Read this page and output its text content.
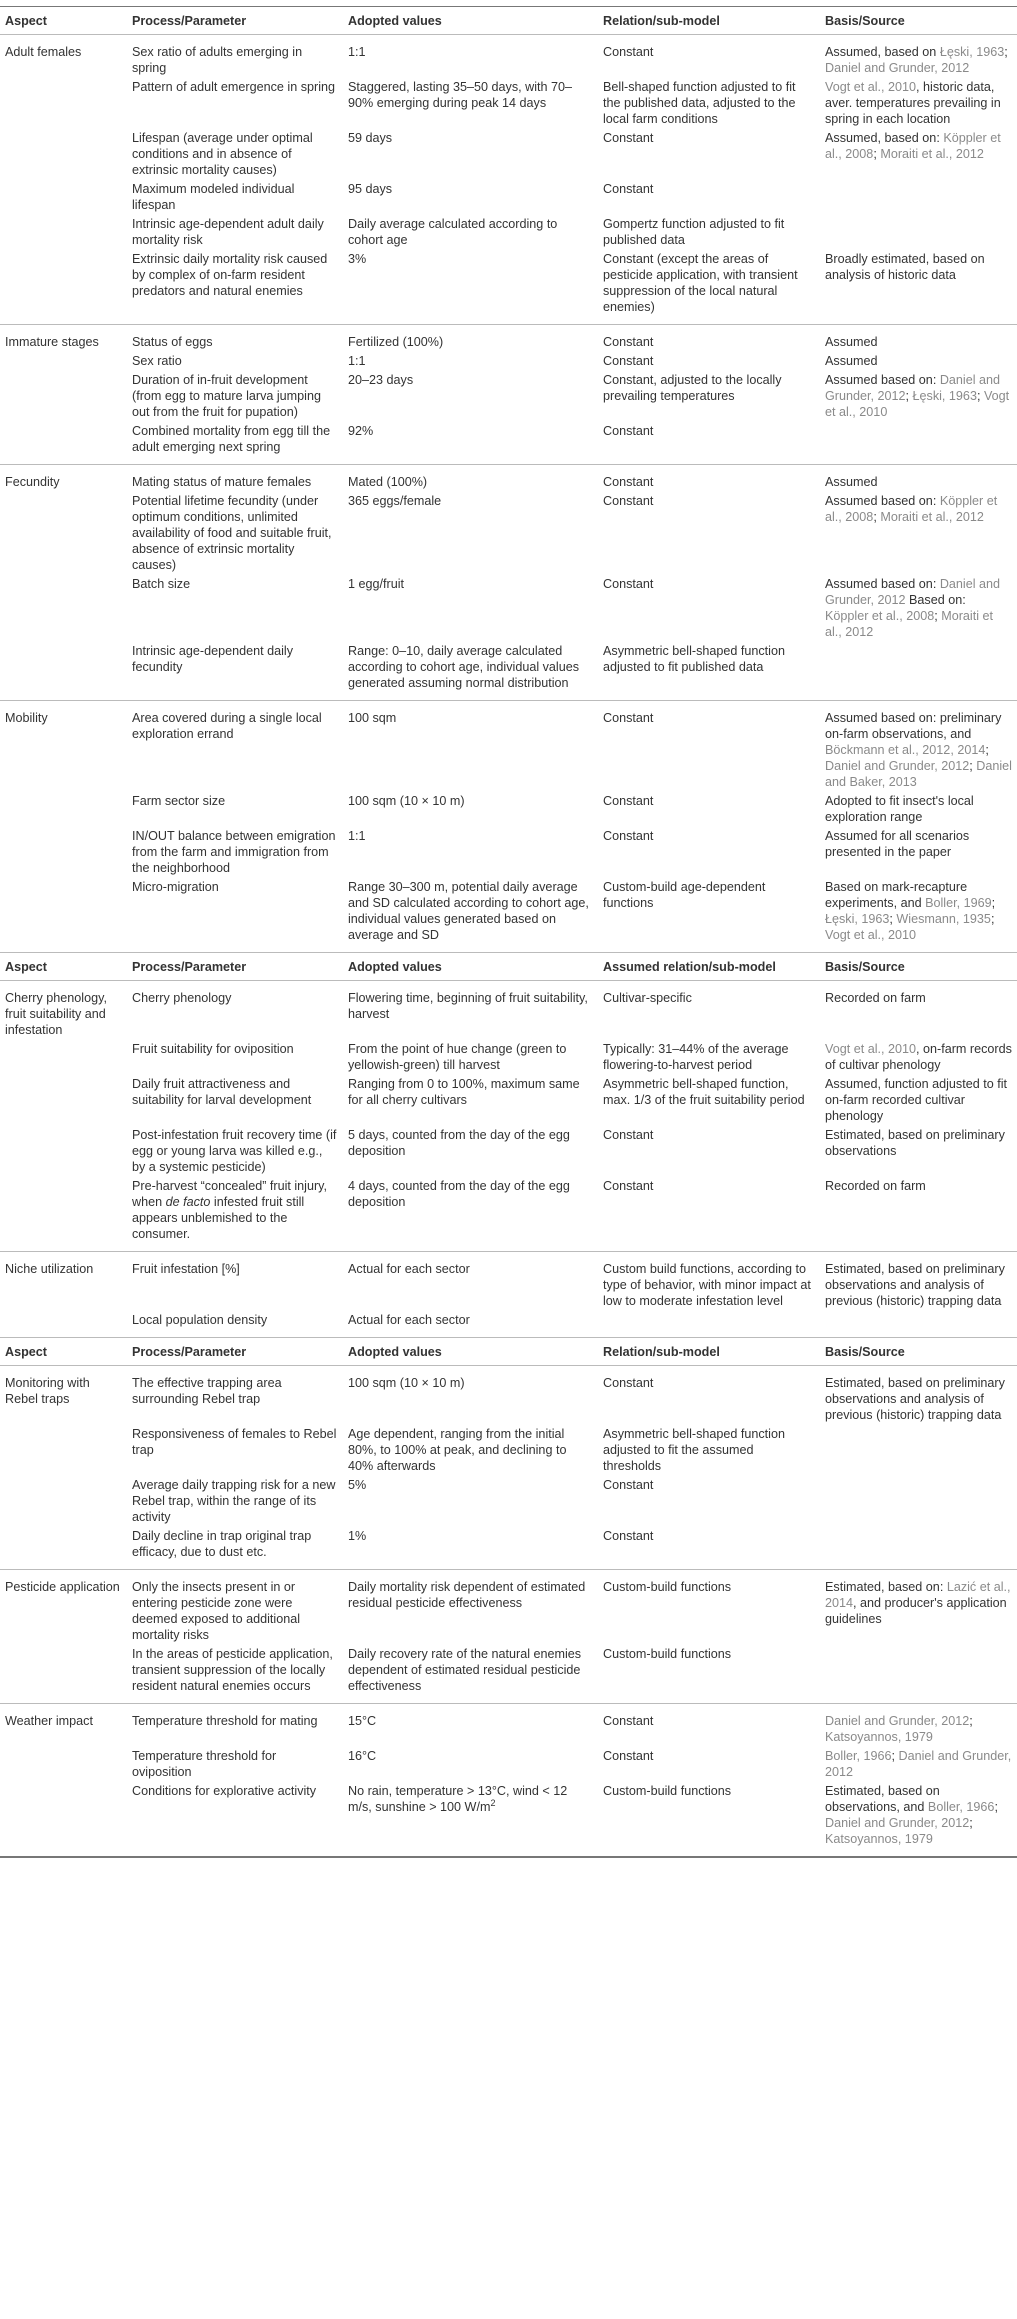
Aspect	Process/Parameter	Adopted values	Relation/sub-model	Basis/Source
Adult females	Sex ratio of adults emerging in spring	1:1	Constant	Assumed, based on Łęski, 1963; Daniel and Grunder, 2012
	Pattern of adult emergence in spring	Staggered, lasting 35–50 days, with 70–90% emerging during peak 14 days	Bell-shaped function adjusted to fit the published data, adjusted to the local farm conditions	Vogt et al., 2010, historic data, aver. temperatures prevailing in spring in each location
	Lifespan (average under optimal conditions and in absence of extrinsic mortality causes)	59 days	Constant	Assumed, based on: Köppler et al., 2008; Moraiti et al., 2012
	Maximum modeled individual lifespan	95 days	Constant	
	Intrinsic age-dependent adult daily mortality risk	Daily average calculated according to cohort age	Gompertz function adjusted to fit published data	
	Extrinsic daily mortality risk caused by complex of on-farm resident predators and natural enemies	3%	Constant (except the areas of pesticide application, with transient suppression of the local natural enemies)	Broadly estimated, based on analysis of historic data
Immature stages	Status of eggs	Fertilized (100%)	Constant	Assumed
	Sex ratio	1:1	Constant	Assumed
	Duration of in-fruit development (from egg to mature larva jumping out from the fruit for pupation)	20–23 days	Constant, adjusted to the locally prevailing temperatures	Assumed based on: Daniel and Grunder, 2012; Łęski, 1963; Vogt et al., 2010
	Combined mortality from egg till the adult emerging next spring	92%	Constant	
Fecundity	Mating status of mature females	Mated (100%)	Constant	Assumed
	Potential lifetime fecundity (under optimum conditions, unlimited availability of food and suitable fruit, absence of extrinsic mortality causes)	365 eggs/female	Constant	Assumed based on: Köppler et al., 2008; Moraiti et al., 2012
	Batch size	1 egg/fruit	Constant	Assumed based on: Daniel and Grunder, 2012 Based on: Köppler et al., 2008; Moraiti et al., 2012
	Intrinsic age-dependent daily fecundity	Range: 0–10, daily average calculated according to cohort age, individual values generated assuming normal distribution	Asymmetric bell-shaped function adjusted to fit published data	
Mobility	Area covered during a single local exploration errand	100 sqm	Constant	Assumed based on: preliminary on-farm observations, and Böckmann et al., 2012, 2014; Daniel and Grunder, 2012; Daniel and Baker, 2013
	Farm sector size	100 sqm (10 × 10 m)	Constant	Adopted to fit insect's local exploration range
	IN/OUT balance between emigration from the farm and immigration from the neighborhood	1:1	Constant	Assumed for all scenarios presented in the paper
	Micro-migration	Range 30–300 m, potential daily average and SD calculated according to cohort age, individual values generated based on average and SD	Custom-build age-dependent functions	Based on mark-recapture experiments, and Boller, 1969; Łęski, 1963; Wiesmann, 1935; Vogt et al., 2010
Aspect	Process/Parameter	Adopted values	Assumed relation/sub-model	Basis/Source
Cherry phenology, fruit suitability and infestation	Cherry phenology	Flowering time, beginning of fruit suitability, harvest	Cultivar-specific	Recorded on farm
	Fruit suitability for oviposition	From the point of hue change (green to yellowish-green) till harvest	Typically: 31–44% of the average flowering-to-harvest period	Vogt et al., 2010, on-farm records of cultivar phenology
	Daily fruit attractiveness and suitability for larval development	Ranging from 0 to 100%, maximum same for all cherry cultivars	Asymmetric bell-shaped function, max. 1/3 of the fruit suitability period	Assumed, function adjusted to fit on-farm recorded cultivar phenology
	Post-infestation fruit recovery time (if egg or young larva was killed e.g., by a systemic pesticide)	5 days, counted from the day of the egg deposition	Constant	Estimated, based on preliminary observations
	Pre-harvest “concealed” fruit injury, when de facto infested fruit still appears unblemished to the consumer.	4 days, counted from the day of the egg deposition	Constant	Recorded on farm
Niche utilization	Fruit infestation [%]	Actual for each sector	Custom build functions, according to type of behavior, with minor impact at low to moderate infestation level	Estimated, based on preliminary observations and analysis of previous (historic) trapping data
	Local population density	Actual for each sector		
Aspect	Process/Parameter	Adopted values	Relation/sub-model	Basis/Source
Monitoring with Rebel traps	The effective trapping area surrounding Rebel trap	100 sqm (10 × 10 m)	Constant	Estimated, based on preliminary observations and analysis of previous (historic) trapping data
	Responsiveness of females to Rebel trap	Age dependent, ranging from the initial 80%, to 100% at peak, and declining to 40% afterwards	Asymmetric bell-shaped function adjusted to fit the assumed thresholds	
	Average daily trapping risk for a new Rebel trap, within the range of its activity	5%	Constant	
	Daily decline in trap original trap efficacy, due to dust etc.	1%	Constant	
Pesticide application	Only the insects present in or entering pesticide zone were deemed exposed to additional mortality risks	Daily mortality risk dependent of estimated residual pesticide effectiveness	Custom-build functions	Estimated, based on: Lazić et al., 2014, and producer's application guidelines
	In the areas of pesticide application, transient suppression of the locally resident natural enemies occurs	Daily recovery rate of the natural enemies dependent of estimated residual pesticide effectiveness	Custom-build functions	
Weather impact	Temperature threshold for mating	15°C	Constant	Daniel and Grunder, 2012; Katsoyannos, 1979
	Temperature threshold for oviposition	16°C	Constant	Boller, 1966; Daniel and Grunder, 2012
	Conditions for explorative activity	No rain, temperature > 13°C, wind < 12 m/s, sunshine > 100 $W/m^2$	Custom-build functions	Estimated, based on observations, and Boller, 1966; Daniel and Grunder, 2012; Katsoyannos, 1979
